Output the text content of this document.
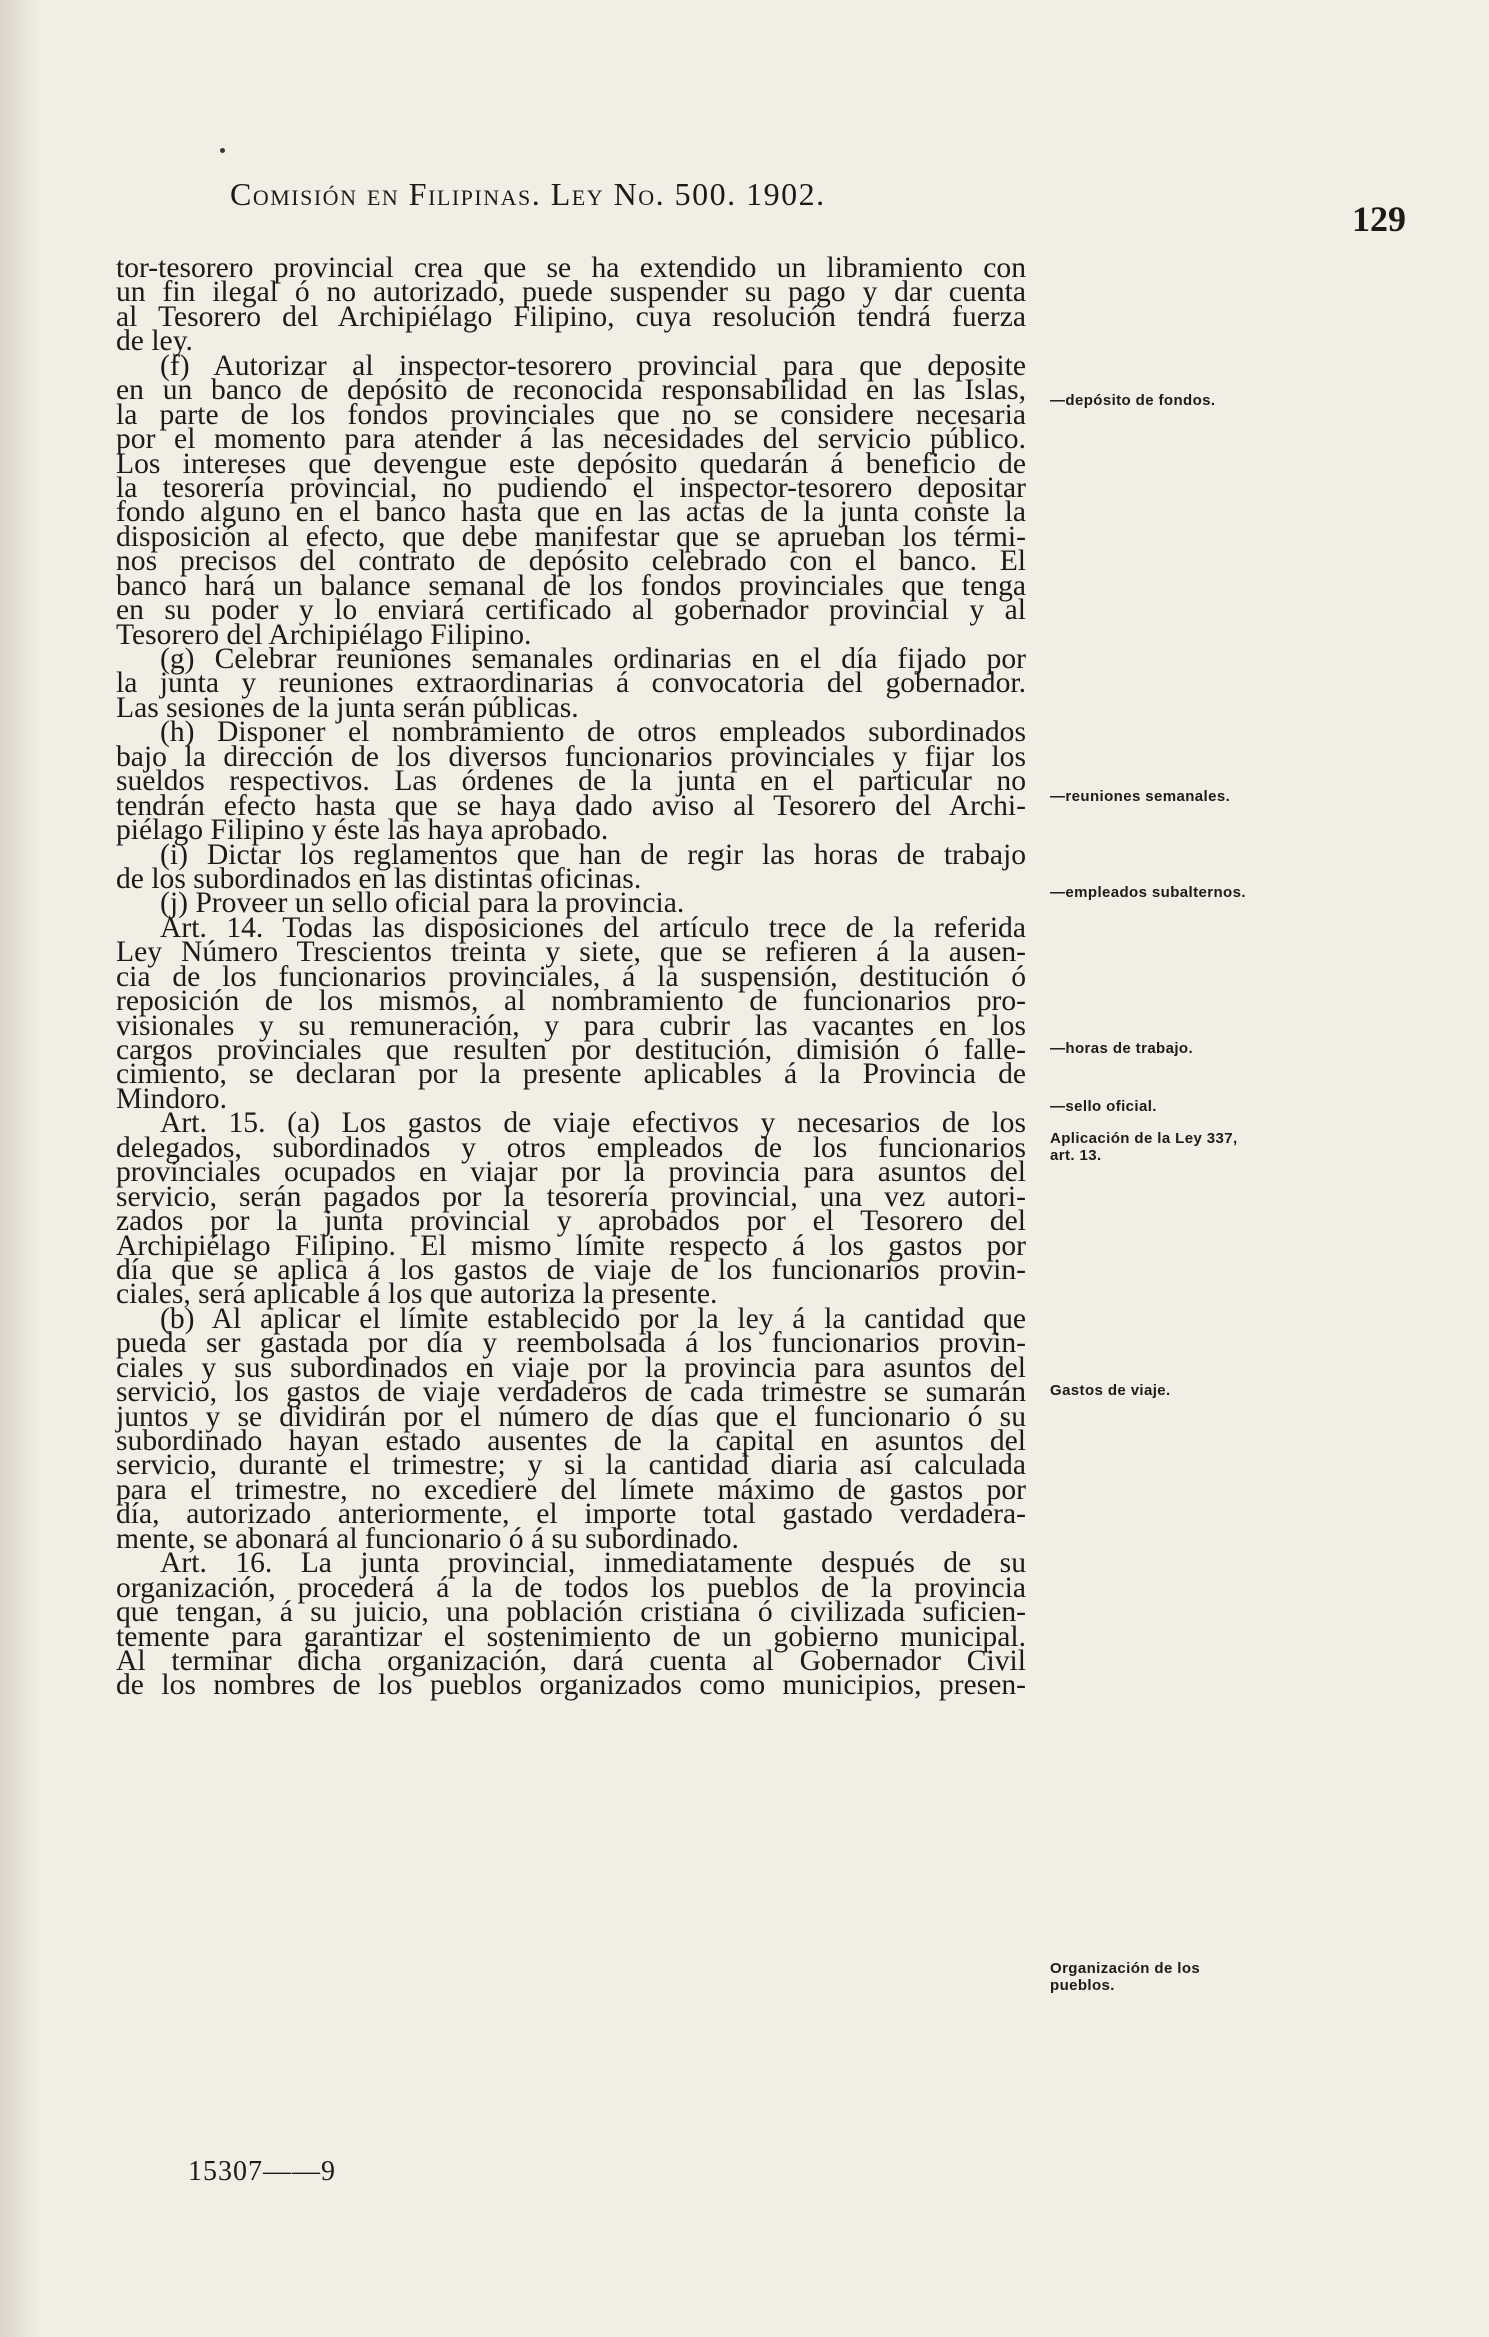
Comisión en Filipinas. Ley No. 500. 1902.
129
tor-tesorero provincial crea que se ha extendido un libramiento con
un fin ilegal ó no autorizado, puede suspender su pago y dar cuenta
al Tesorero del Archipiélago Filipino, cuya resolución tendrá fuerza
de ley.
(f) Autorizar al inspector-tesorero provincial para que deposite
en un banco de depósito de reconocida responsabilidad en las Islas,
la parte de los fondos provinciales que no se considere necesaria
por el momento para atender á las necesidades del servicio público.
Los intereses que devengue este depósito quedarán á beneficio de
la tesorería provincial, no pudiendo el inspector-tesorero depositar
fondo alguno en el banco hasta que en las actas de la junta conste la
disposición al efecto, que debe manifestar que se aprueban los térmi-
nos precisos del contrato de depósito celebrado con el banco. El
banco hará un balance semanal de los fondos provinciales que tenga
en su poder y lo enviará certificado al gobernador provincial y al
Tesorero del Archipiélago Filipino.
(g) Celebrar reuniones semanales ordinarias en el día fijado por
la junta y reuniones extraordinarias á convocatoria del gobernador.
Las sesiones de la junta serán públicas.
(h) Disponer el nombramiento de otros empleados subordinados
bajo la dirección de los diversos funcionarios provinciales y fijar los
sueldos respectivos. Las órdenes de la junta en el particular no
tendrán efecto hasta que se haya dado aviso al Tesorero del Archi-
piélago Filipino y éste las haya aprobado.
(i) Dictar los reglamentos que han de regir las horas de trabajo
de los subordinados en las distintas oficinas.
(j) Proveer un sello oficial para la provincia.
Art. 14. Todas las disposiciones del artículo trece de la referida
Ley Número Trescientos treinta y siete, que se refieren á la ausen-
cia de los funcionarios provinciales, á la suspensión, destitución ó
reposición de los mismos, al nombramiento de funcionarios pro-
visionales y su remuneración, y para cubrir las vacantes en los
cargos provinciales que resulten por destitución, dimisión ó falle-
cimiento, se declaran por la presente aplicables á la Provincia de
Mindoro.
Art. 15. (a) Los gastos de viaje efectivos y necesarios de los
delegados, subordinados y otros empleados de los funcionarios
provinciales ocupados en viajar por la provincia para asuntos del
servicio, serán pagados por la tesorería provincial, una vez autori-
zados por la junta provincial y aprobados por el Tesorero del
Archipiélago Filipino. El mismo límite respecto á los gastos por
día que se aplica á los gastos de viaje de los funcionarios provin-
ciales, será aplicable á los que autoriza la presente.
(b) Al aplicar el límite establecido por la ley á la cantidad que
pueda ser gastada por día y reembolsada á los funcionarios provin-
ciales y sus subordinados en viaje por la provincia para asuntos del
servicio, los gastos de viaje verdaderos de cada trimestre se sumarán
juntos y se dividirán por el número de días que el funcionario ó su
subordinado hayan estado ausentes de la capital en asuntos del
servicio, durante el trimestre; y si la cantidad diaria así calculada
para el trimestre, no excediere del límete máximo de gastos por
día, autorizado anteriormente, el importe total gastado verdadera-
mente, se abonará al funcionario ó á su subordinado.
Art. 16. La junta provincial, inmediatamente después de su
organización, procederá á la de todos los pueblos de la provincia
que tengan, á su juicio, una población cristiana ó civilizada suficien-
temente para garantizar el sostenimiento de un gobierno municipal.
Al terminar dicha organización, dará cuenta al Gobernador Civil
de los nombres de los pueblos organizados como municipios, presen-
—depósito de fondos.
—reuniones semanales.
—empleados subalternos.
—horas de trabajo.
—sello oficial.
Aplicación de la Ley 337, art. 13.
Gastos de viaje.
Organización de los pueblos.
15307——9
